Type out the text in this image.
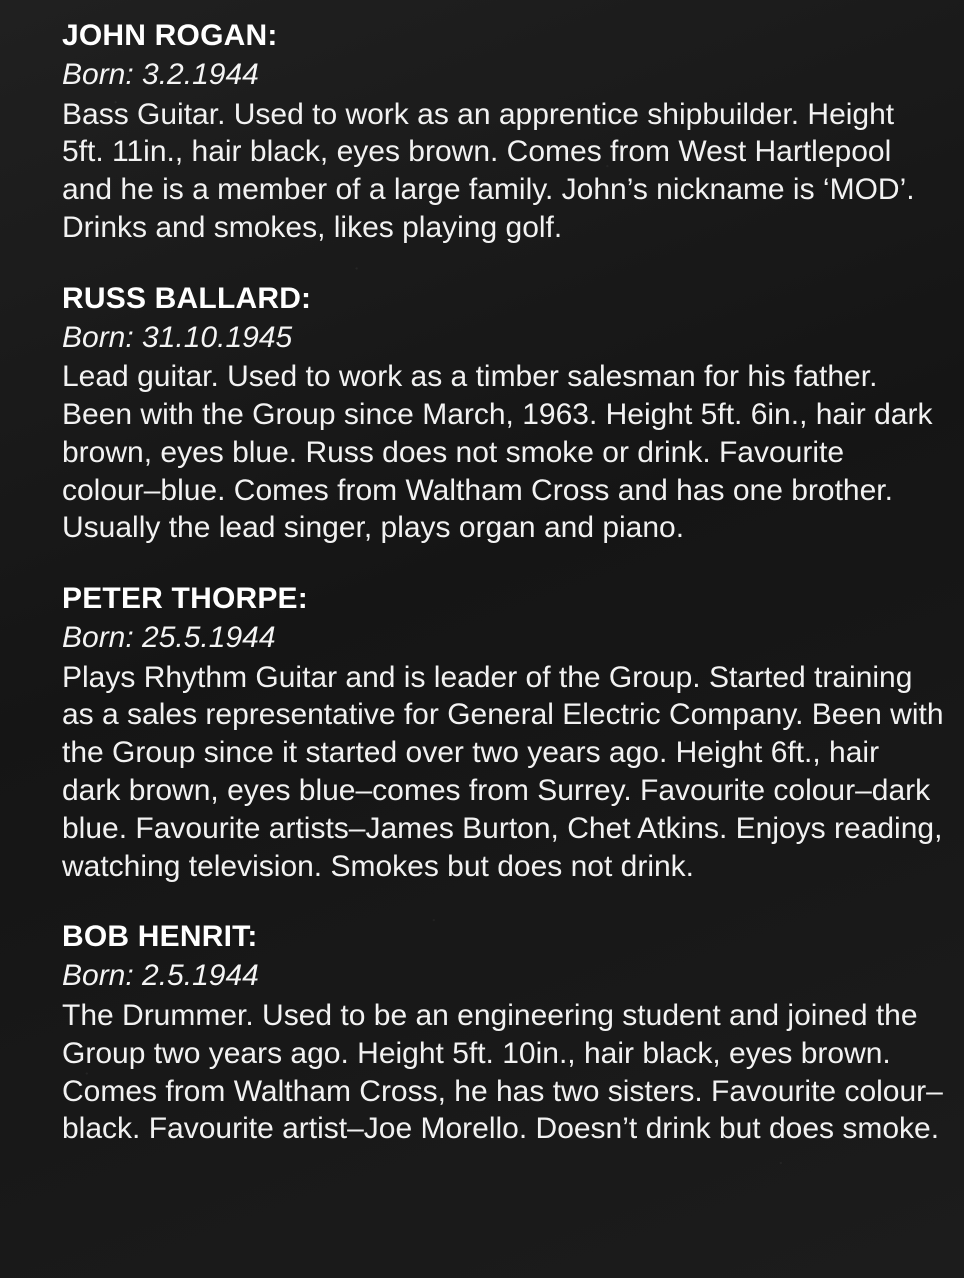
JOHN ROGAN:

Born: 3.2.1944

Bass Guitar. Used to work as an apprentice shipbuilder. Height 5ft. 11in., hair black, eyes brown. Comes from West Hartlepool and he is a member of a large family. John’s nickname is ‘MOD’. Drinks and smokes, likes playing golf.

RUSS BALLARD:

Born: 31.10.1945

Lead guitar. Used to work as a timber salesman for his father. Been with the Group since March, 1963. Height 5ft. 6in., hair dark brown, eyes blue. Russ does not smoke or drink. Favourite colour–blue. Comes from Waltham Cross and has one brother. Usually the lead singer, plays organ and piano.

PETER THORPE:

Born: 25.5.1944

Plays Rhythm Guitar and is leader of the Group. Started training as a sales representative for General Electric Company. Been with the Group since it started over two years ago. Height 6ft., hair dark brown, eyes blue–comes from Surrey. Favourite colour–dark blue. Favourite artists–James Burton, Chet Atkins. Enjoys reading, watching television. Smokes but does not drink.

BOB HENRIT:

Born: 2.5.1944

The Drummer. Used to be an engineering student and joined the Group two years ago. Height 5ft. 10in., hair black, eyes brown. Comes from Waltham Cross, he has two sisters. Favourite colour–black. Favourite artist–Joe Morello. Doesn’t drink but does smoke.
